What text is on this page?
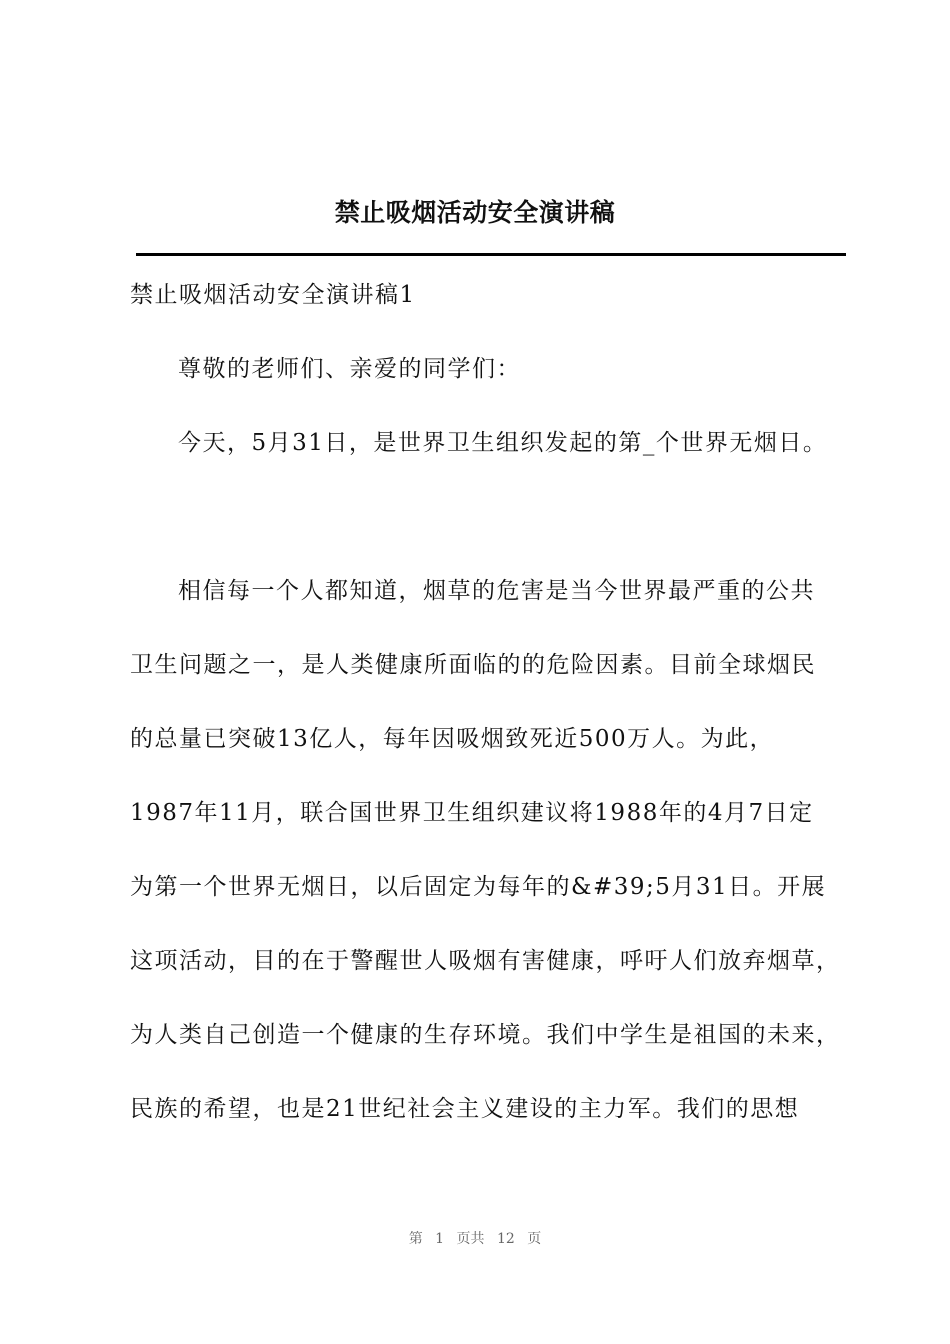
禁止吸烟活动安全演讲稿
禁止吸烟活动安全演讲稿1
尊敬的老师们、亲爱的同学们：
今天，5月31日，是世界卫生组织发起的第_个世界无烟日。
相信每一个人都知道，烟草的危害是当今世界最严重的公共
卫生问题之一，是人类健康所面临的的危险因素。目前全球烟民
的总量已突破13亿人，每年因吸烟致死近500万人。为此，
1987年11月，联合国世界卫生组织建议将1988年的4月7日定
为第一个世界无烟日，以后固定为每年的&#39;5月31日。开展
这项活动，目的在于警醒世人吸烟有害健康，呼吁人们放弃烟草，
为人类自己创造一个健康的生存环境。我们中学生是祖国的未来，
民族的希望，也是21世纪社会主义建设的主力军。我们的思想
第 1 页共 12 页
